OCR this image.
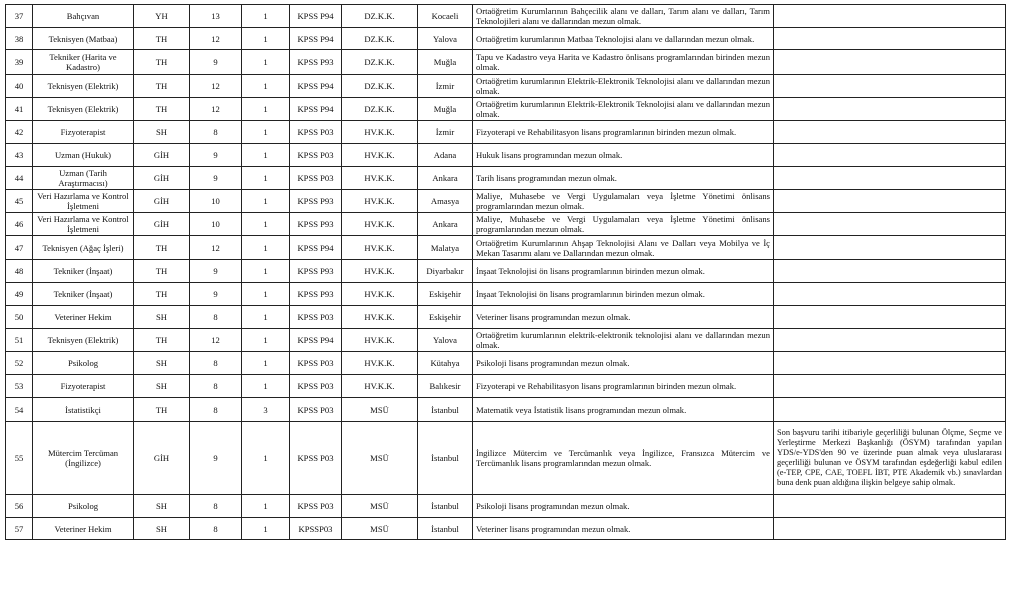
37	Bahçıvan	YH	13	1	KPSS P94	DZ.K.K.	Kocaeli	Ortaöğretim Kurumlarının Bahçecilik alanı ve dalları, Tarım alanı ve dalları, Tarım Teknolojileri alanı ve dallarından mezun olmak.	
38	Teknisyen (Matbaa)	TH	12	1	KPSS P94	DZ.K.K.	Yalova	Ortaöğretim kurumlarının Matbaa Teknolojisi alanı ve dallarından mezun olmak.	
39	Tekniker (Harita ve Kadastro)	TH	9	1	KPSS P93	DZ.K.K.	Muğla	Tapu ve Kadastro veya Harita ve Kadastro önlisans programlarından birinden mezun olmak.	
40	Teknisyen (Elektrik)	TH	12	1	KPSS P94	DZ.K.K.	İzmir	Ortaöğretim kurumlarının Elektrik-Elektronik Teknolojisi alanı ve dallarından mezun olmak.	
41	Teknisyen (Elektrik)	TH	12	1	KPSS P94	DZ.K.K.	Muğla	Ortaöğretim kurumlarının Elektrik-Elektronik Teknolojisi alanı ve dallarından mezun olmak.	
42	Fizyoterapist	SH	8	1	KPSS P03	HV.K.K.	İzmir	Fizyoterapi ve Rehabilitasyon lisans programlarının birinden mezun olmak.	
43	Uzman (Hukuk)	GİH	9	1	KPSS P03	HV.K.K.	Adana	Hukuk lisans programından mezun olmak.	
44	Uzman (Tarih Araştırmacısı)	GİH	9	1	KPSS P03	HV.K.K.	Ankara	Tarih lisans programından mezun olmak.	
45	Veri Hazırlama ve Kontrol İşletmeni	GİH	10	1	KPSS P93	HV.K.K.	Amasya	Maliye, Muhasebe ve Vergi Uygulamaları veya İşletme Yönetimi önlisans programlarından mezun olmak.	
46	Veri Hazırlama ve Kontrol İşletmeni	GİH	10	1	KPSS P93	HV.K.K.	Ankara	Maliye, Muhasebe ve Vergi Uygulamaları veya İşletme Yönetimi önlisans programlarından mezun olmak.	
47	Teknisyen (Ağaç İşleri)	TH	12	1	KPSS P94	HV.K.K.	Malatya	Ortaöğretim Kurumlarının Ahşap Teknolojisi Alanı ve Dalları veya Mobilya ve İç Mekan Tasarımı alanı ve Dallarından mezun olmak.	
48	Tekniker (İnşaat)	TH	9	1	KPSS P93	HV.K.K.	Diyarbakır	İnşaat Teknolojisi ön lisans programlarının birinden mezun olmak.	
49	Tekniker (İnşaat)	TH	9	1	KPSS P93	HV.K.K.	Eskişehir	İnşaat Teknolojisi ön lisans programlarının birinden mezun olmak.	
50	Veteriner Hekim	SH	8	1	KPSS P03	HV.K.K.	Eskişehir	Veteriner lisans programından mezun olmak.	
51	Teknisyen (Elektrik)	TH	12	1	KPSS P94	HV.K.K.	Yalova	Ortaöğretim kurumlarının elektrik-elektronik teknolojisi alanı ve dallarından mezun olmak.	
52	Psikolog	SH	8	1	KPSS P03	HV.K.K.	Kütahya	Psikoloji lisans programından mezun olmak.	
53	Fizyoterapist	SH	8	1	KPSS P03	HV.K.K.	Balıkesir	Fizyoterapi ve Rehabilitasyon lisans programlarının birinden mezun olmak.	
54	İstatistikçi	TH	8	3	KPSS P03	MSÜ	İstanbul	Matematik veya İstatistik lisans programından mezun olmak.	
55	Mütercim Tercüman (İngilizce)	GİH	9	1	KPSS P03	MSÜ	İstanbul	İngilizce Mütercim ve Tercümanlık veya İngilizce, Fransızca Mütercim ve Tercümanlık lisans programlarından mezun olmak.	Son başvuru tarihi itibariyle geçerliliği bulunan Ölçme, Seçme ve Yerleştirme Merkezi Başkanlığı (ÖSYM) tarafından yapılan YDS/e-YDS'den 90 ve üzerinde puan almak veya uluslararası geçerliliği bulunan ve ÖSYM tarafından eşdeğerliği kabul edilen (e-TEP, CPE, CAE, TOEFL İBT, PTE Akademik vb.) sınavlardan buna denk puan aldığına ilişkin belgeye sahip olmak.
56	Psikolog	SH	8	1	KPSS P03	MSÜ	İstanbul	Psikoloji lisans programından mezun olmak.	
57	Veteriner Hekim	SH	8	1	KPSSP03	MSÜ	İstanbul	Veteriner lisans programından mezun olmak.	
